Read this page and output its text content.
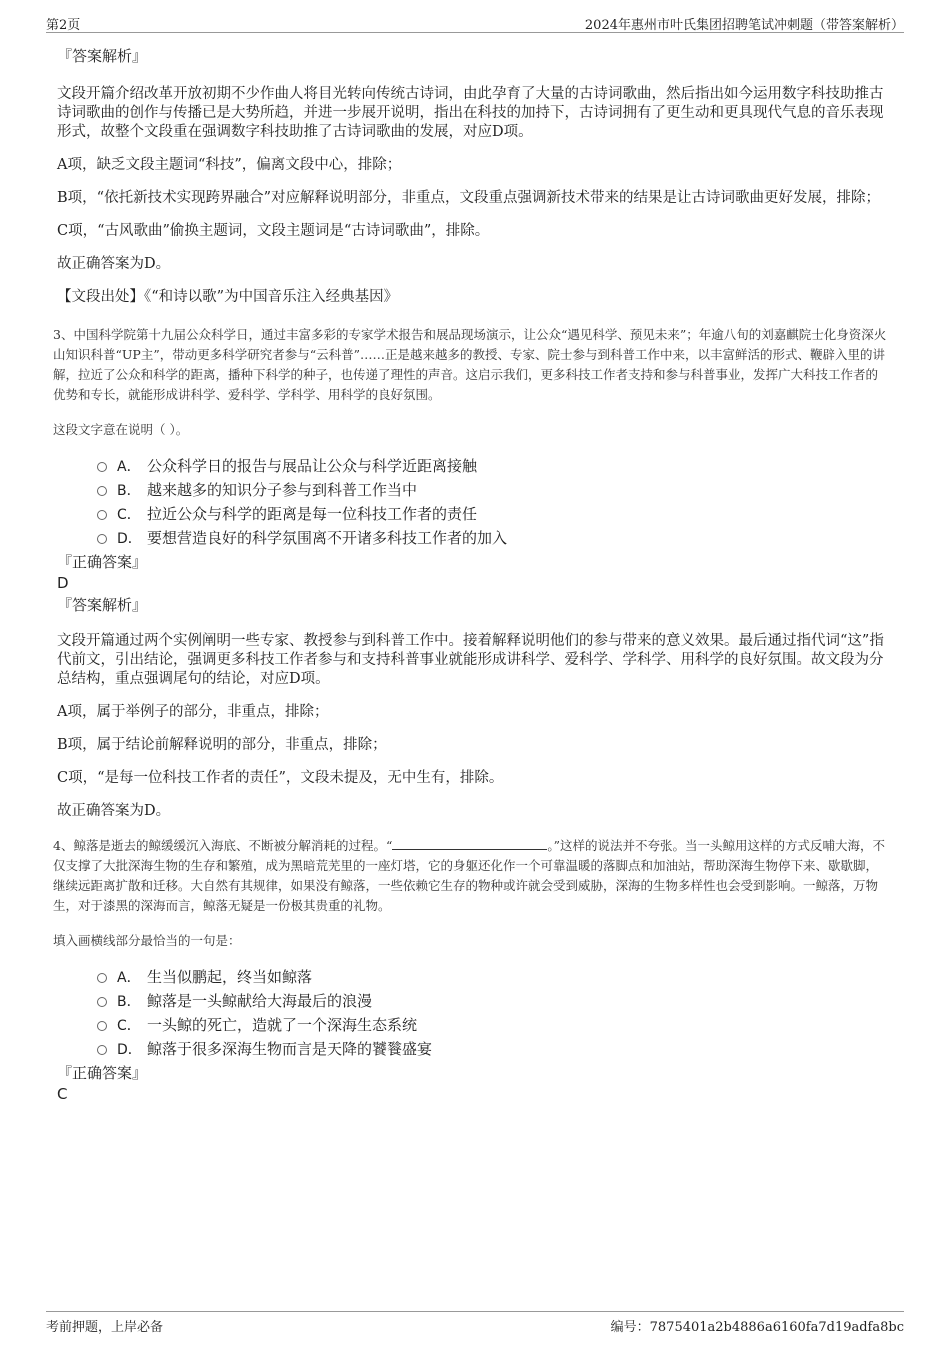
第2页	2024年惠州市叶氏集团招聘笔试冲刺题（带答案解析）

『答案解析』

文段开篇介绍改革开放初期不少作曲人将目光转向传统古诗词，由此孕育了大量的古诗词歌曲，然后指出如今运用数字科技助推古诗词歌曲的创作与传播已是大势所趋，并进一步展开说明，指出在科技的加持下，古诗词拥有了更生动和更具现代气息的音乐表现形式，故整个文段重在强调数字科技助推了古诗词歌曲的发展，对应D项。

A项，缺乏文段主题词“科技”，偏离文段中心，排除；

B项，“依托新技术实现跨界融合”对应解释说明部分，非重点，文段重点强调新技术带来的结果是让古诗词歌曲更好发展，排除；

C项，“古风歌曲”偷换主题词，文段主题词是“古诗词歌曲”，排除。

故正确答案为D。

【文段出处】《“和诗以歌”为中国音乐注入经典基因》

3、中国科学院第十九届公众科学日，通过丰富多彩的专家学术报告和展品现场演示，让公众“遇见科学、预见未来”；年逾八旬的刘嘉麒院士化身资深火山知识科普“UP主”，带动更多科学研究者参与“云科普”……正是越来越多的教授、专家、院士参与到科普工作中来，以丰富鲜活的形式、鞭辟入里的讲解，拉近了公众和科学的距离，播种下科学的种子，也传递了理性的声音。这启示我们，更多科技工作者支持和参与科普事业，发挥广大科技工作者的优势和专长，就能形成讲科学、爱科学、学科学、用科学的良好氛围。

这段文字意在说明（ ）。

A． 公众科学日的报告与展品让公众与科学近距离接触
B． 越来越多的知识分子参与到科普工作当中
C． 拉近公众与科学的距离是每一位科技工作者的责任
D． 要想营造良好的科学氛围离不开诸多科技工作者的加入

『正确答案』

D

『答案解析』

文段开篇通过两个实例阐明一些专家、教授参与到科普工作中。接着解释说明他们的参与带来的意义效果。最后通过指代词“这”指代前文，引出结论，强调更多科技工作者参与和支持科普事业就能形成讲科学、爱科学、学科学、用科学的良好氛围。故文段为分总结构，重点强调尾句的结论，对应D项。

A项，属于举例子的部分，非重点，排除；

B项，属于结论前解释说明的部分，非重点，排除；

C项，“是每一位科技工作者的责任”，文段未提及，无中生有，排除。

故正确答案为D。

4、鲸落是逝去的鲸缓缓沉入海底、不断被分解消耗的过程。“	。”这样的说法并不夸张。当一头鲸用这样的方式反哺大海，不仅支撑了大批深海生物的生存和繁殖，成为黑暗荒芜里的一座灯塔，它的身躯还化作一个可靠温暖的落脚点和加油站，帮助深海生物停下来、歇歇脚，继续远距离扩散和迁移。大自然有其规律，如果没有鲸落，一些依赖它生存的物种或许就会受到威胁，深海的生物多样性也会受到影响。一鲸落，万物生，对于漆黑的深海而言，鲸落无疑是一份极其贵重的礼物。

填入画横线部分最恰当的一句是：

A． 生当似鹏起，终当如鲸落
B． 鲸落是一头鲸献给大海最后的浪漫
C． 一头鲸的死亡，造就了一个深海生态系统
D． 鲸落于很多深海生物而言是天降的饕餮盛宴

『正确答案』

C

考前押题，上岸必备	编号：7875401a2b4886a6160fa7d19adfa8bc
